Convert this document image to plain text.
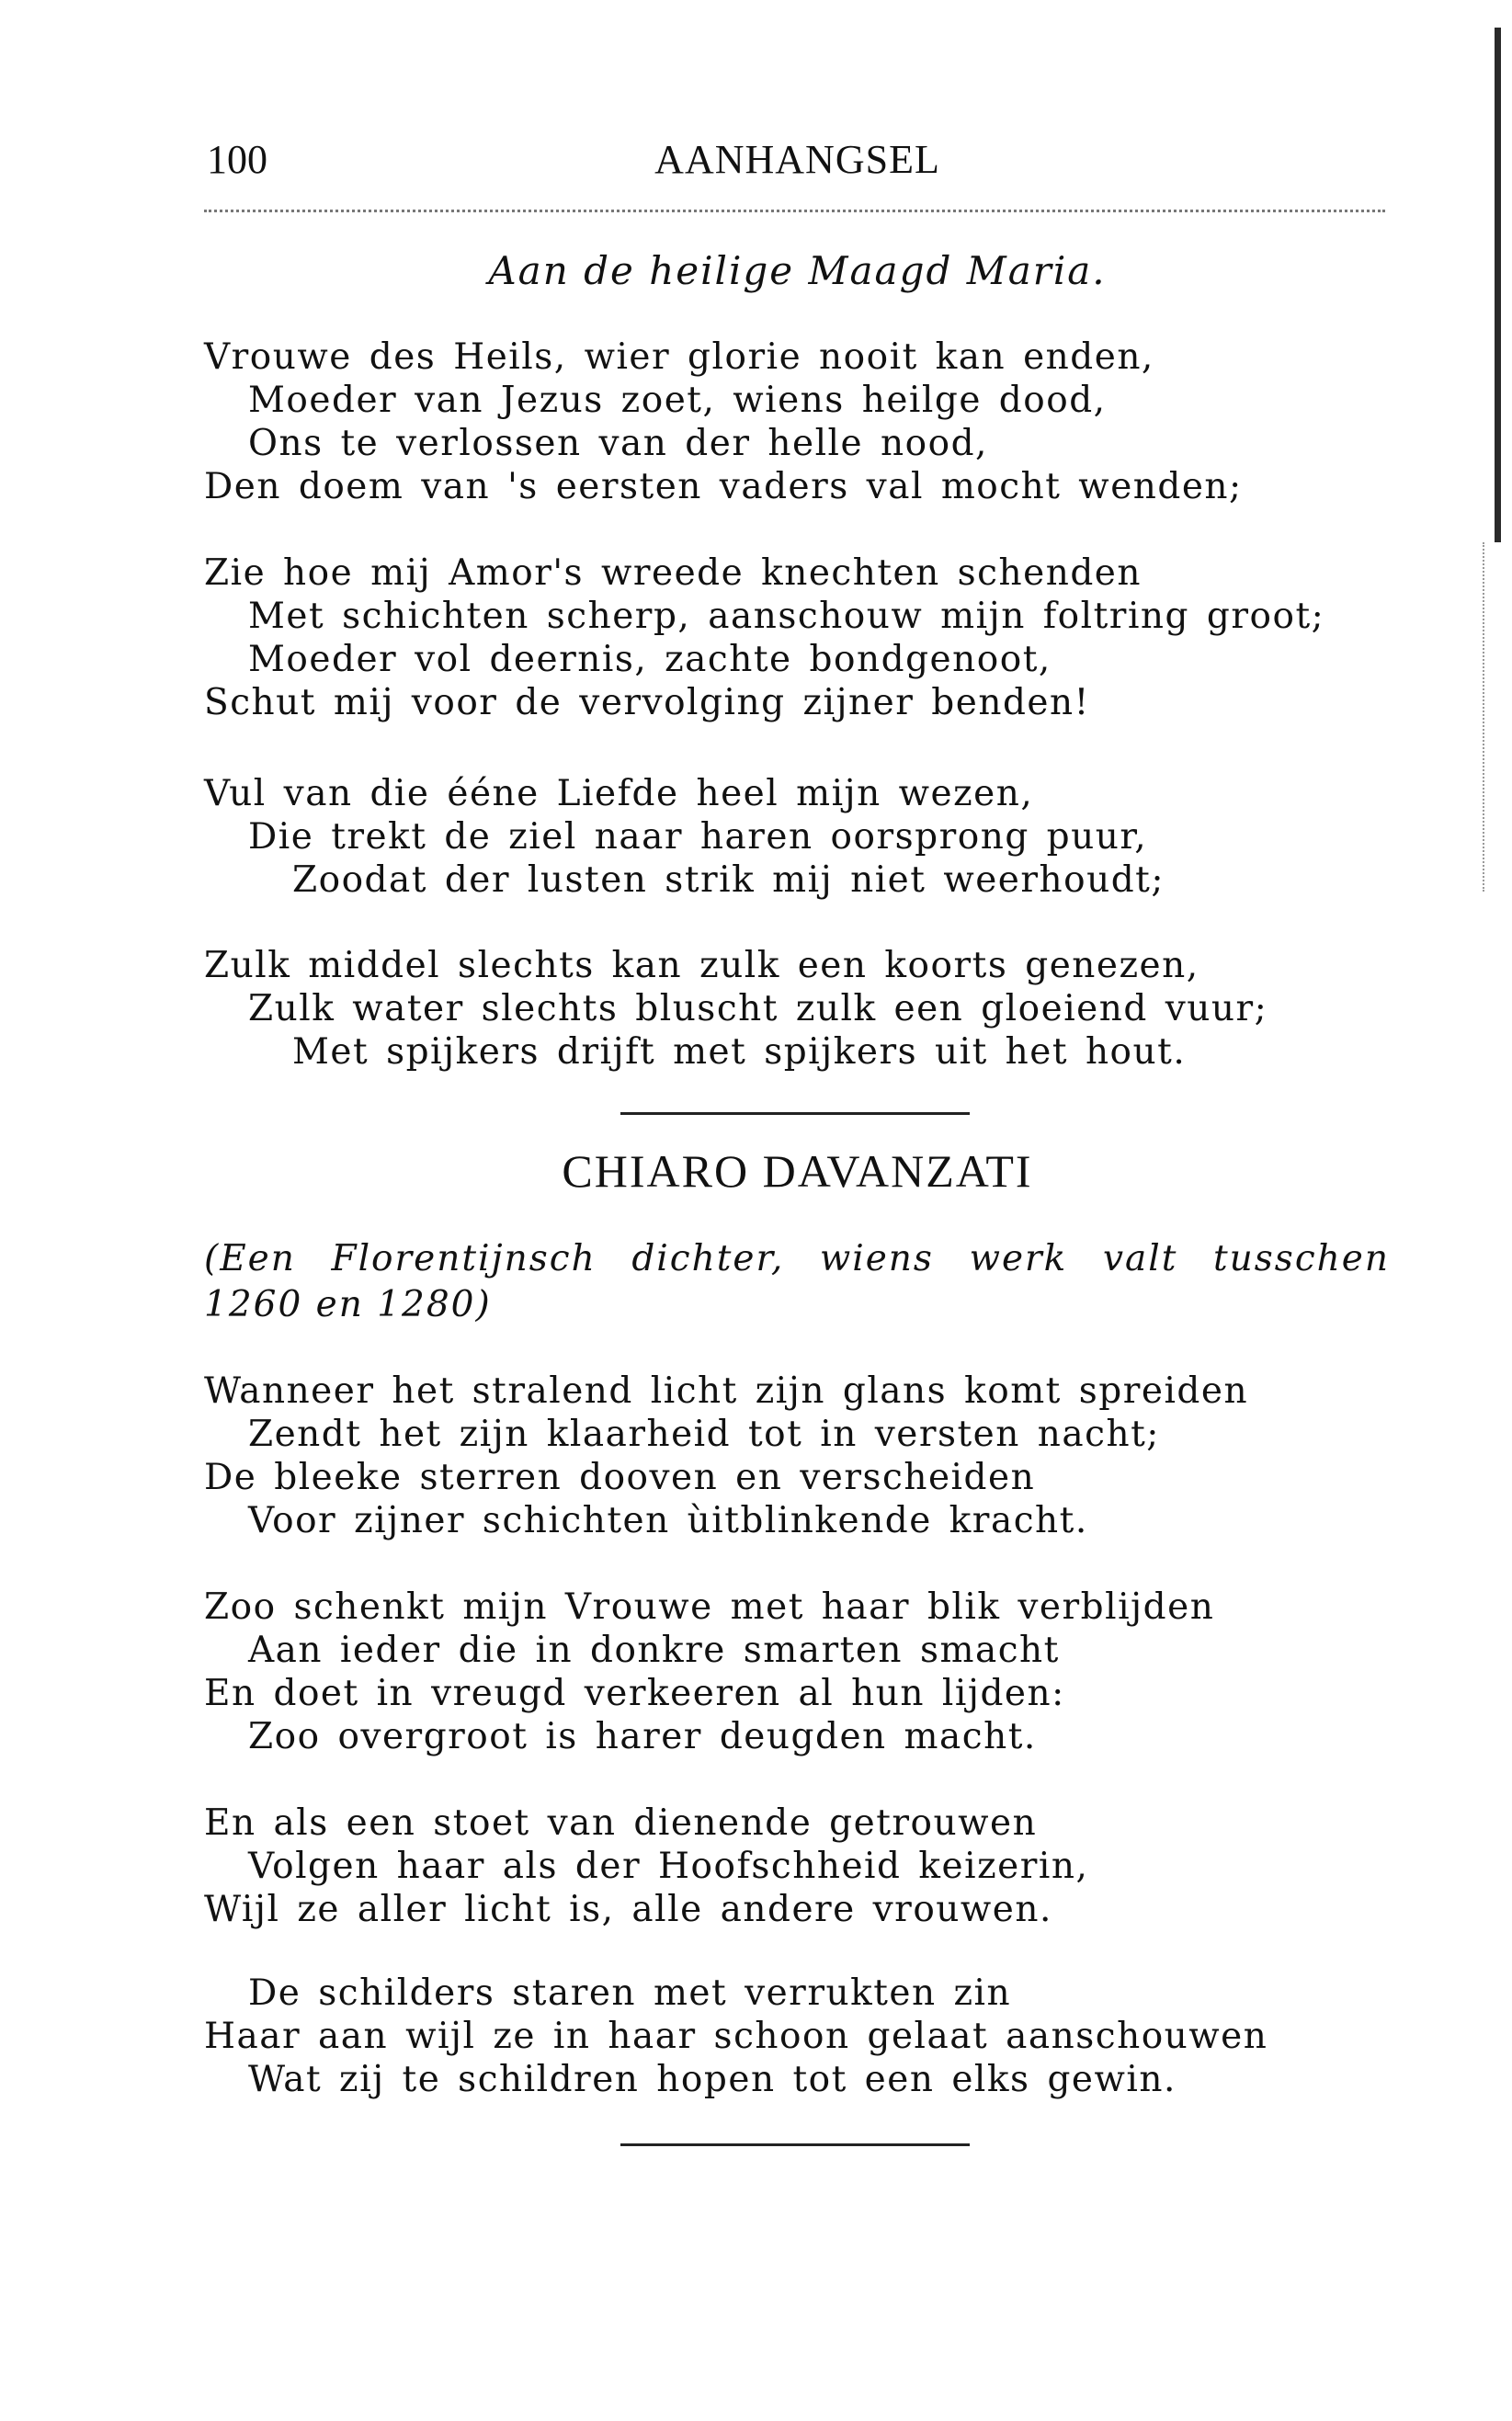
100	AANHANGSEL
Aan de heilige Maagd Maria.
Vrouwe des Heils, wier glorie nooit kan enden,
Moeder van Jezus zoet, wiens heilge dood,
Ons te verlossen van der helle nood,
Den doem van 's eersten vaders val mocht wenden;
Zie hoe mij Amor's wreede knechten schenden
Met schichten scherp, aanschouw mijn foltring groot;
Moeder vol deernis, zachte bondgenoot,
Schut mij voor de vervolging zijner benden!
Vul van die ééne Liefde heel mijn wezen,
Die trekt de ziel naar haren oorsprong puur,
Zoodat der lusten strik mij niet weerhoudt;
Zulk middel slechts kan zulk een koorts genezen,
Zulk water slechts bluscht zulk een gloeiend vuur;
Met spijkers drijft met spijkers uit het hout.
CHIARO DAVANZATI
(Een Florentijnsch dichter, wiens werk valt tusschen
1260 en 1280)
Wanneer het stralend licht zijn glans komt spreiden
Zendt het zijn klaarheid tot in versten nacht;
De bleeke sterren dooven en verscheiden
Voor zijner schichten ùitblinkende kracht.
Zoo schenkt mijn Vrouwe met haar blik verblijden
Aan ieder die in donkre smarten smacht
En doet in vreugd verkeeren al hun lijden:
Zoo overgroot is harer deugden macht.
En als een stoet van dienende getrouwen
Volgen haar als der Hoofschheid keizerin,
Wijl ze aller licht is, alle andere vrouwen.
De schilders staren met verrukten zin
Haar aan wijl ze in haar schoon gelaat aanschouwen
Wat zij te schildren hopen tot een elks gewin.
